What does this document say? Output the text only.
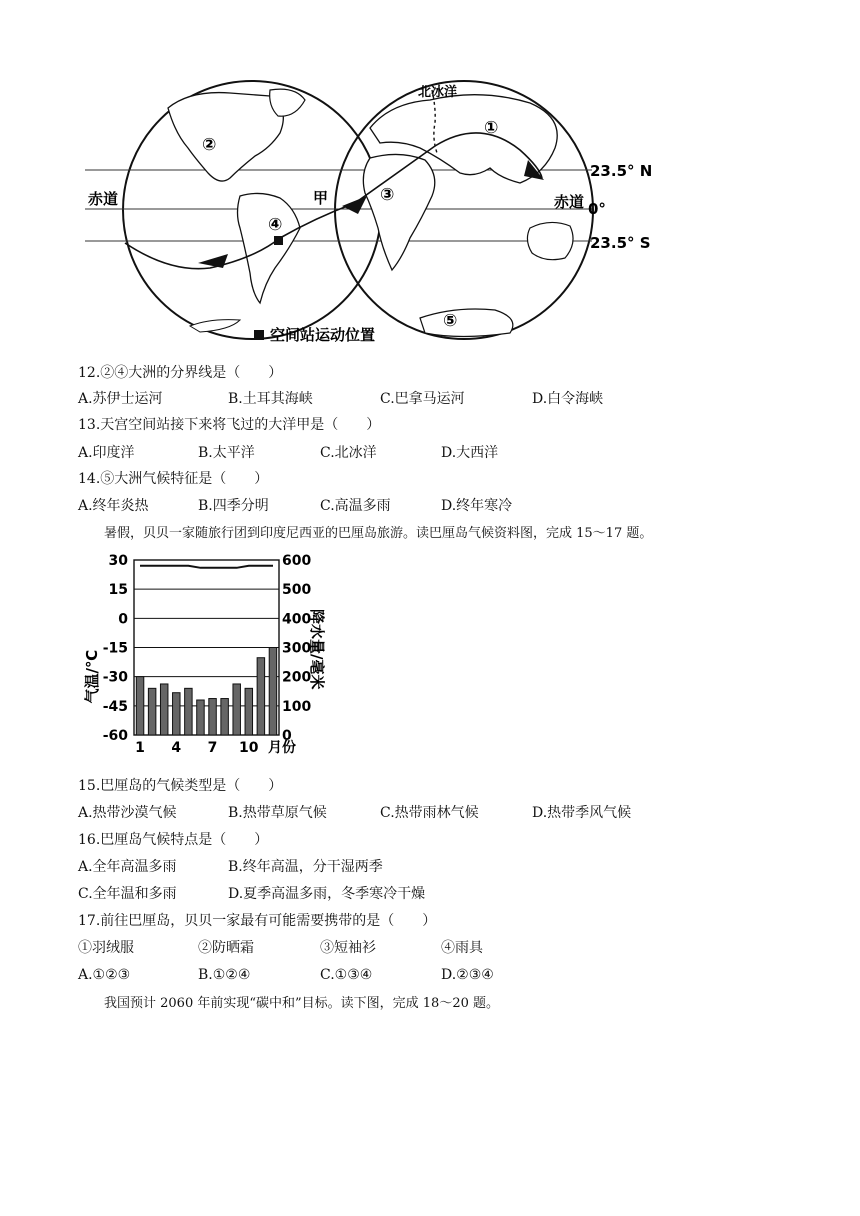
赤道	赤道
北冰洋
甲
23.5° N
0°
23.5° S
①
②
③
④
⑤
空间站运动位置
12.②④大洲的分界线是（　　）
A.苏伊士运河	B.土耳其海峡	C.巴拿马运河	D.白令海峡
13.天宫空间站接下来将飞过的大洋甲是（　　）
A.印度洋	B.太平洋	C.北冰洋	D.大西洋
14.⑤大洲气候特征是（　　）
A.终年炎热	B.四季分明	C.高温多雨	D.终年寒冷
暑假，贝贝一家随旅行团到印度尼西亚的巴厘岛旅游。读巴厘岛气候资料图，完成 15～17 题。
30
15
0
-15
-30
-45
-60
600
500
400
300
200
100
0
1 4 7 10
气温/℃	降水量/毫米
月份
15.巴厘岛的气候类型是（　　）
A.热带沙漠气候	B.热带草原气候	C.热带雨林气候	D.热带季风气候
16.巴厘岛气候特点是（　　）
A.全年高温多雨	B.终年高温，分干湿两季
C.全年温和多雨	D.夏季高温多雨，冬季寒冷干燥
17.前往巴厘岛，贝贝一家最有可能需要携带的是（　　）
①羽绒服	②防晒霜	③短袖衫	④雨具
A.①②③	B.①②④	C.①③④	D.②③④
我国预计 2060 年前实现“碳中和”目标。读下图，完成 18～20 题。
